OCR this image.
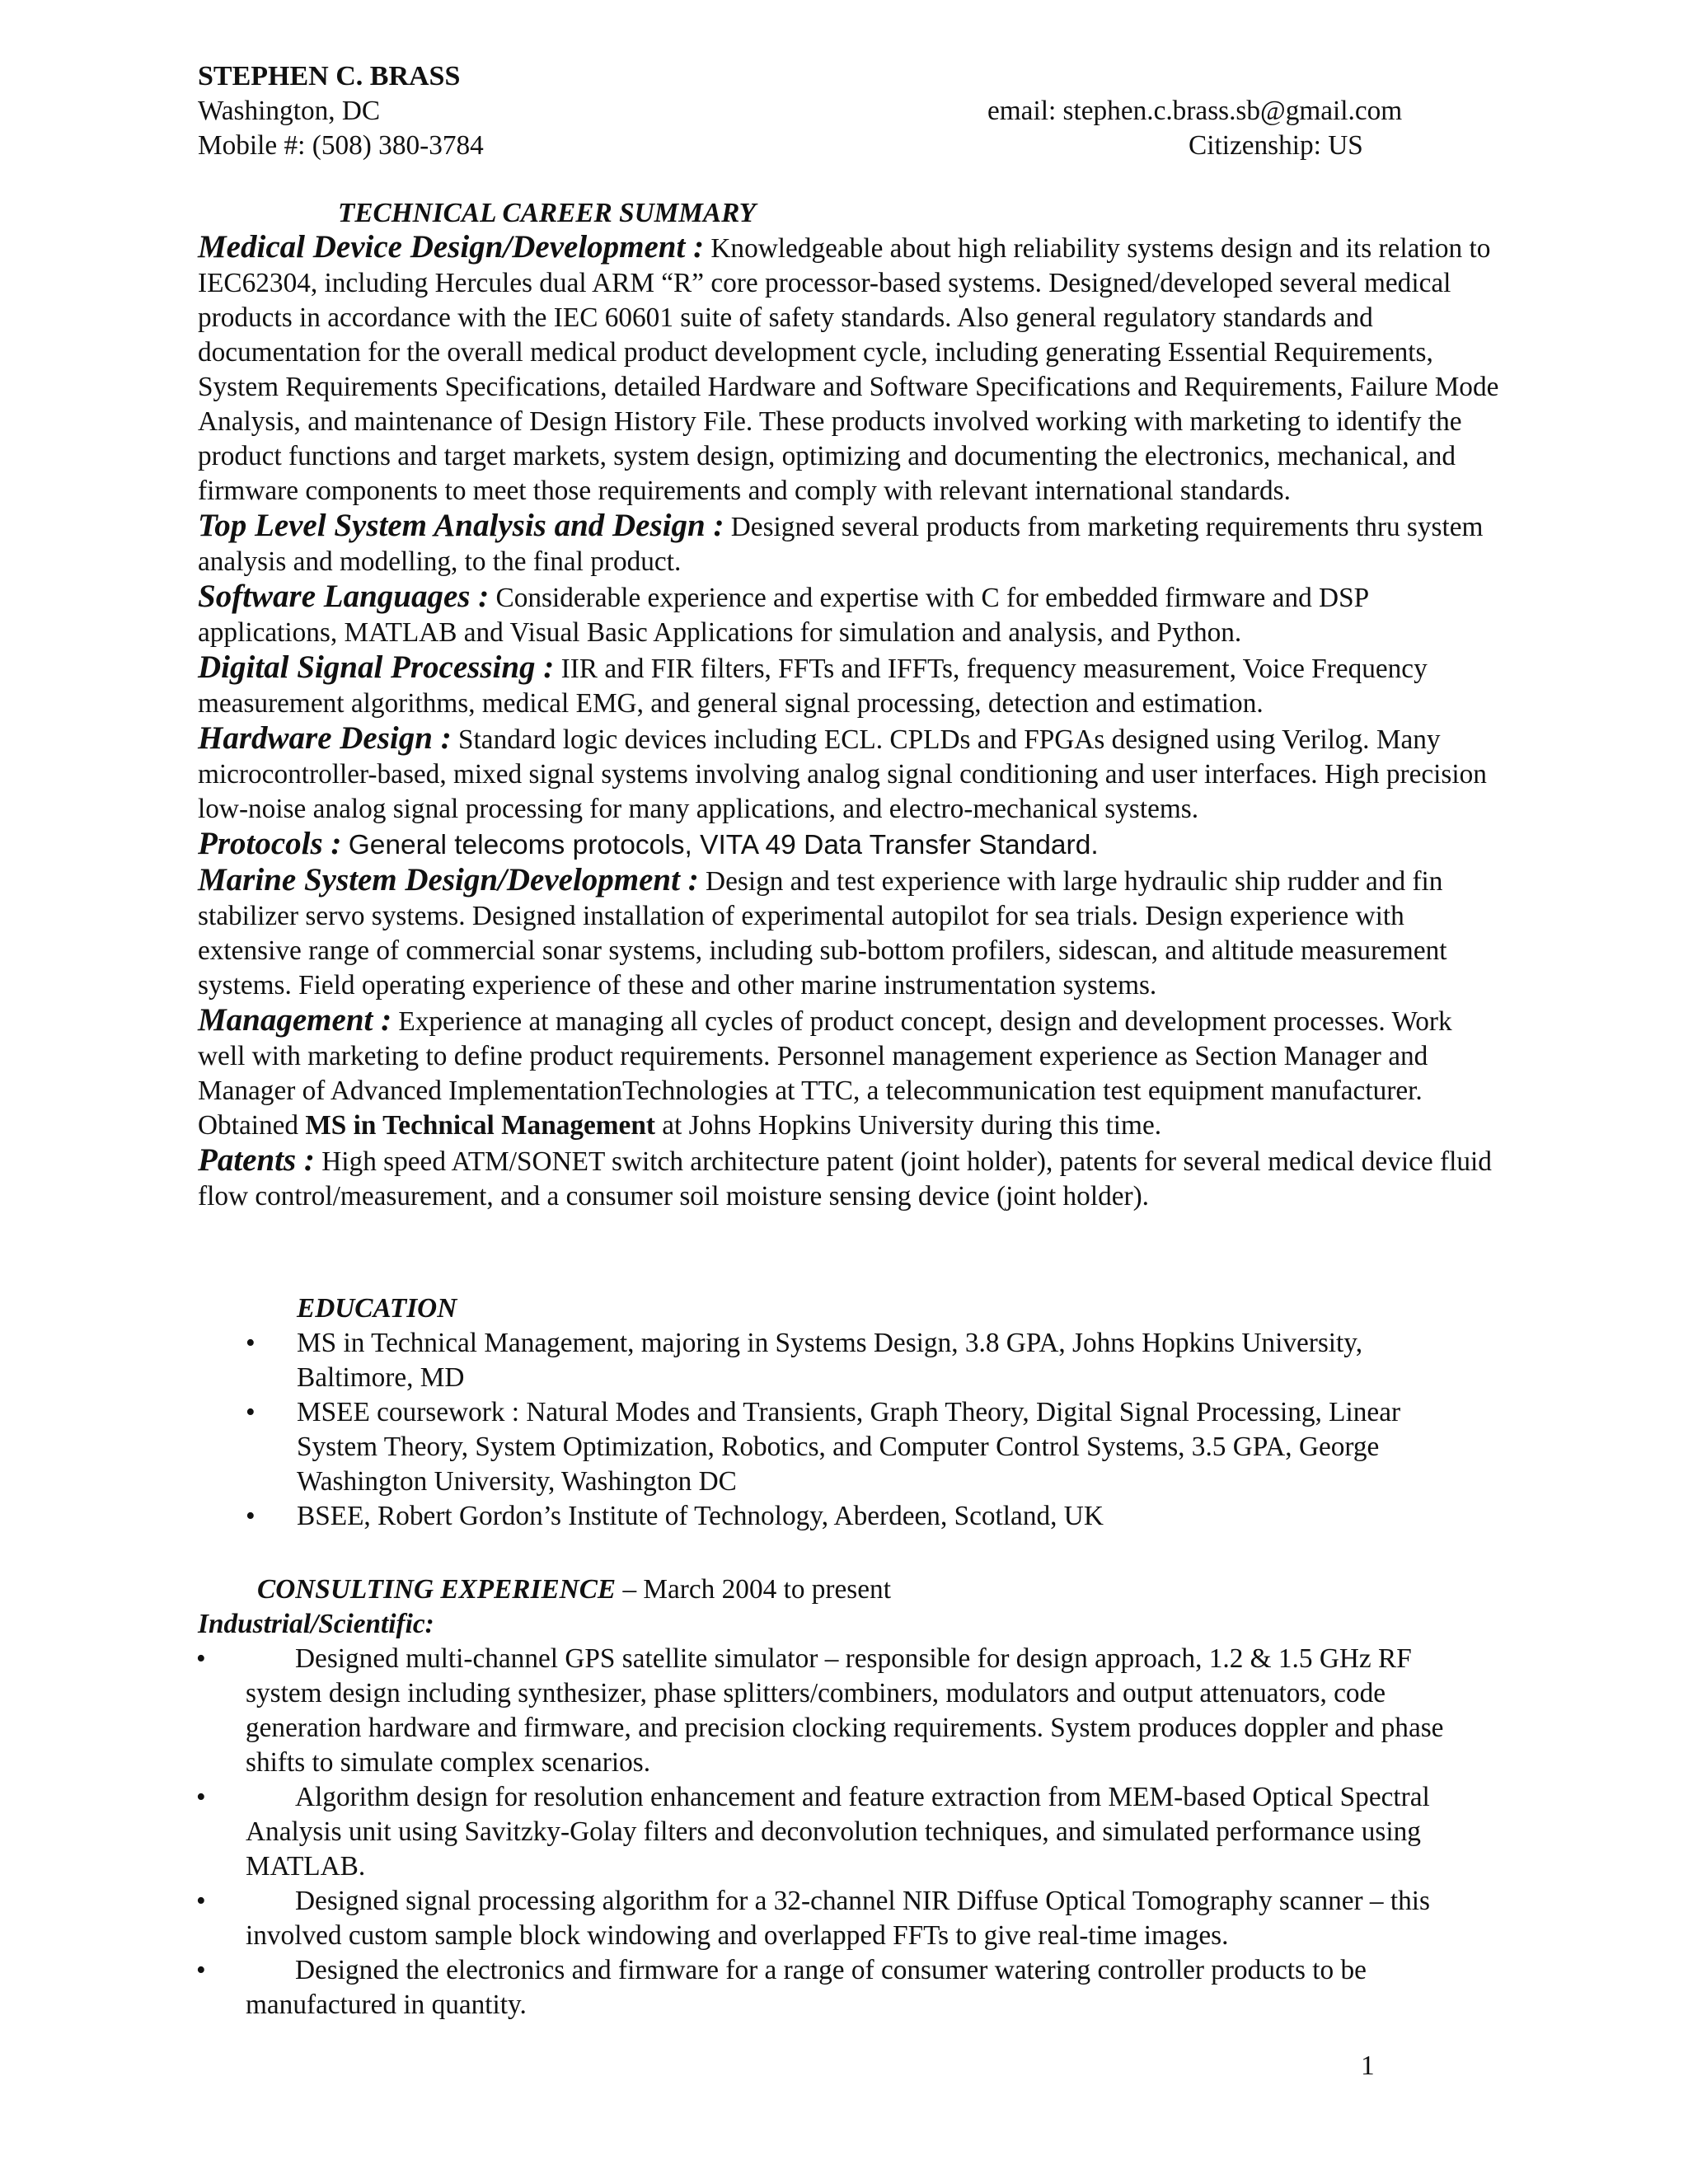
STEPHEN C. BRASS
Washington, DC
Mobile #: (508) 380-3784
email: stephen.c.brass.sb@gmail.com
Citizenship: US
TECHNICAL CAREER SUMMARY

Medical Device Design/Development : Knowledgeable about high reliability systems design and its relation to IEC62304, including Hercules dual ARM “R” core processor-based systems. Designed/developed several medical products in accordance with the IEC 60601 suite of safety standards. Also general regulatory standards and documentation for the overall medical product development cycle, including generating Essential Requirements, System Requirements Specifications, detailed Hardware and Software Specifications and Requirements, Failure Mode Analysis, and maintenance of Design History File. These products involved working with marketing to identify the product functions and target markets, system design, optimizing and documenting the electronics, mechanical, and firmware components to meet those requirements and comply with relevant international standards.

Top Level System Analysis and Design : Designed several products from marketing requirements thru system analysis and modelling, to the final product.

Software Languages : Considerable experience and expertise with C for embedded firmware and DSP applications, MATLAB and Visual Basic Applications for simulation and analysis, and Python.

Digital Signal Processing : IIR and FIR filters, FFTs and IFFTs, frequency measurement, Voice Frequency measurement algorithms, medical EMG, and general signal processing, detection and estimation.

Hardware Design : Standard logic devices including ECL. CPLDs and FPGAs designed using Verilog. Many microcontroller-based, mixed signal systems involving analog signal conditioning and user interfaces. High precision low-noise analog signal processing for many applications, and electro-mechanical systems.

Protocols : General telecoms protocols, VITA 49 Data Transfer Standard.

Marine System Design/Development : Design and test experience with large hydraulic ship rudder and fin stabilizer servo systems. Designed installation of experimental autopilot for sea trials. Design experience with extensive range of commercial sonar systems, including sub-bottom profilers, sidescan, and altitude measurement systems. Field operating experience of these and other marine instrumentation systems.

Management : Experience at managing all cycles of product concept, design and development processes. Work well with marketing to define product requirements. Personnel management experience as Section Manager and Manager of Advanced ImplementationTechnologies at TTC, a telecommunication test equipment manufacturer. Obtained MS in Technical Management at Johns Hopkins University during this time.

Patents : High speed ATM/SONET switch architecture patent (joint holder), patents for several medical device fluid flow control/measurement, and a consumer soil moisture sensing device (joint holder).

EDUCATION
• MS in Technical Management, majoring in Systems Design, 3.8 GPA, Johns Hopkins University, Baltimore, MD
• MSEE coursework : Natural Modes and Transients, Graph Theory, Digital Signal Processing, Linear System Theory, System Optimization, Robotics, and Computer Control Systems, 3.5 GPA, George Washington University, Washington DC
• BSEE, Robert Gordon’s Institute of Technology, Aberdeen, Scotland, UK
CONSULTING EXPERIENCE – March 2004 to present
Industrial/Scientific:
•	Designed multi-channel GPS satellite simulator – responsible for design approach, 1.2 & 1.5 GHz RF system design including synthesizer, phase splitters/combiners, modulators and output attenuators, code generation hardware and firmware, and precision clocking requirements. System produces doppler and phase shifts to simulate complex scenarios.
•	Algorithm design for resolution enhancement and feature extraction from MEM-based Optical Spectral Analysis unit using Savitzky-Golay filters and deconvolution techniques, and simulated performance using MATLAB.
•	Designed signal processing algorithm for a 32-channel NIR Diffuse Optical Tomography scanner – this involved custom sample block windowing and overlapped FFTs to give real-time images.
•	Designed the electronics and firmware for a range of consumer watering controller products to be manufactured in quantity.
1
